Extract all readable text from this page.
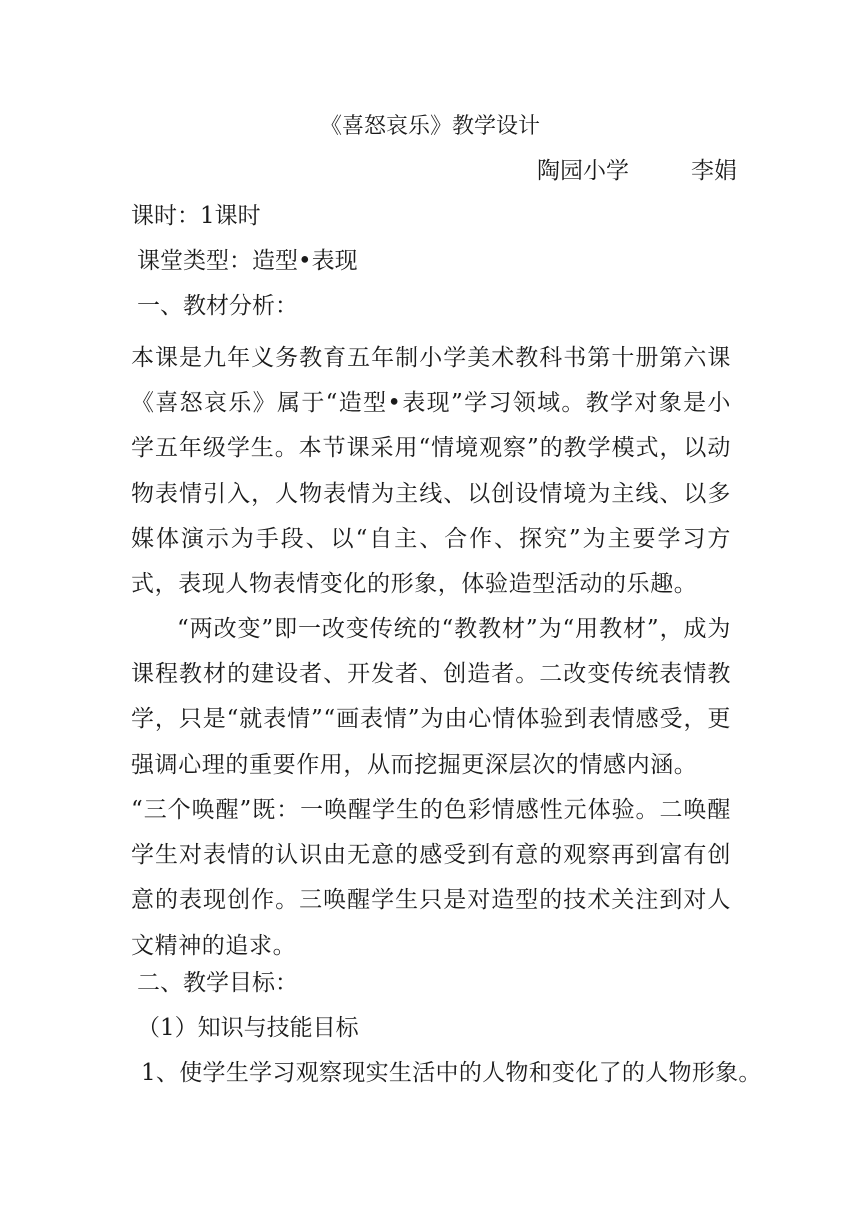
《喜怒哀乐》教学设计
陶园小学	李娟
课时：1课时
课堂类型：造型•表现
一、教材分析：
本课是九年义务教育五年制小学美术教科书第十册第六课《喜怒哀乐》属于“造型•表现”学习领域。教学对象是小学五年级学生。本节课采用“情境观察”的教学模式，以动物表情引入，人物表情为主线、以创设情境为主线、以多媒体演示为手段、以“自主、合作、探究”为主要学习方式，表现人物表情变化的形象，体验造型活动的乐趣。
“两改变”即一改变传统的“教教材”为“用教材”，成为课程教材的建设者、开发者、创造者。二改变传统表情教学，只是“就表情”“画表情”为由心情体验到表情感受，更强调心理的重要作用，从而挖掘更深层次的情感内涵。
“三个唤醒”既：一唤醒学生的色彩情感性元体验。二唤醒学生对表情的认识由无意的感受到有意的观察再到富有创意的表现创作。三唤醒学生只是对造型的技术关注到对人文精神的追求。
二、教学目标：
（1）知识与技能目标
1、使学生学习观察现实生活中的人物和变化了的人物形象。
